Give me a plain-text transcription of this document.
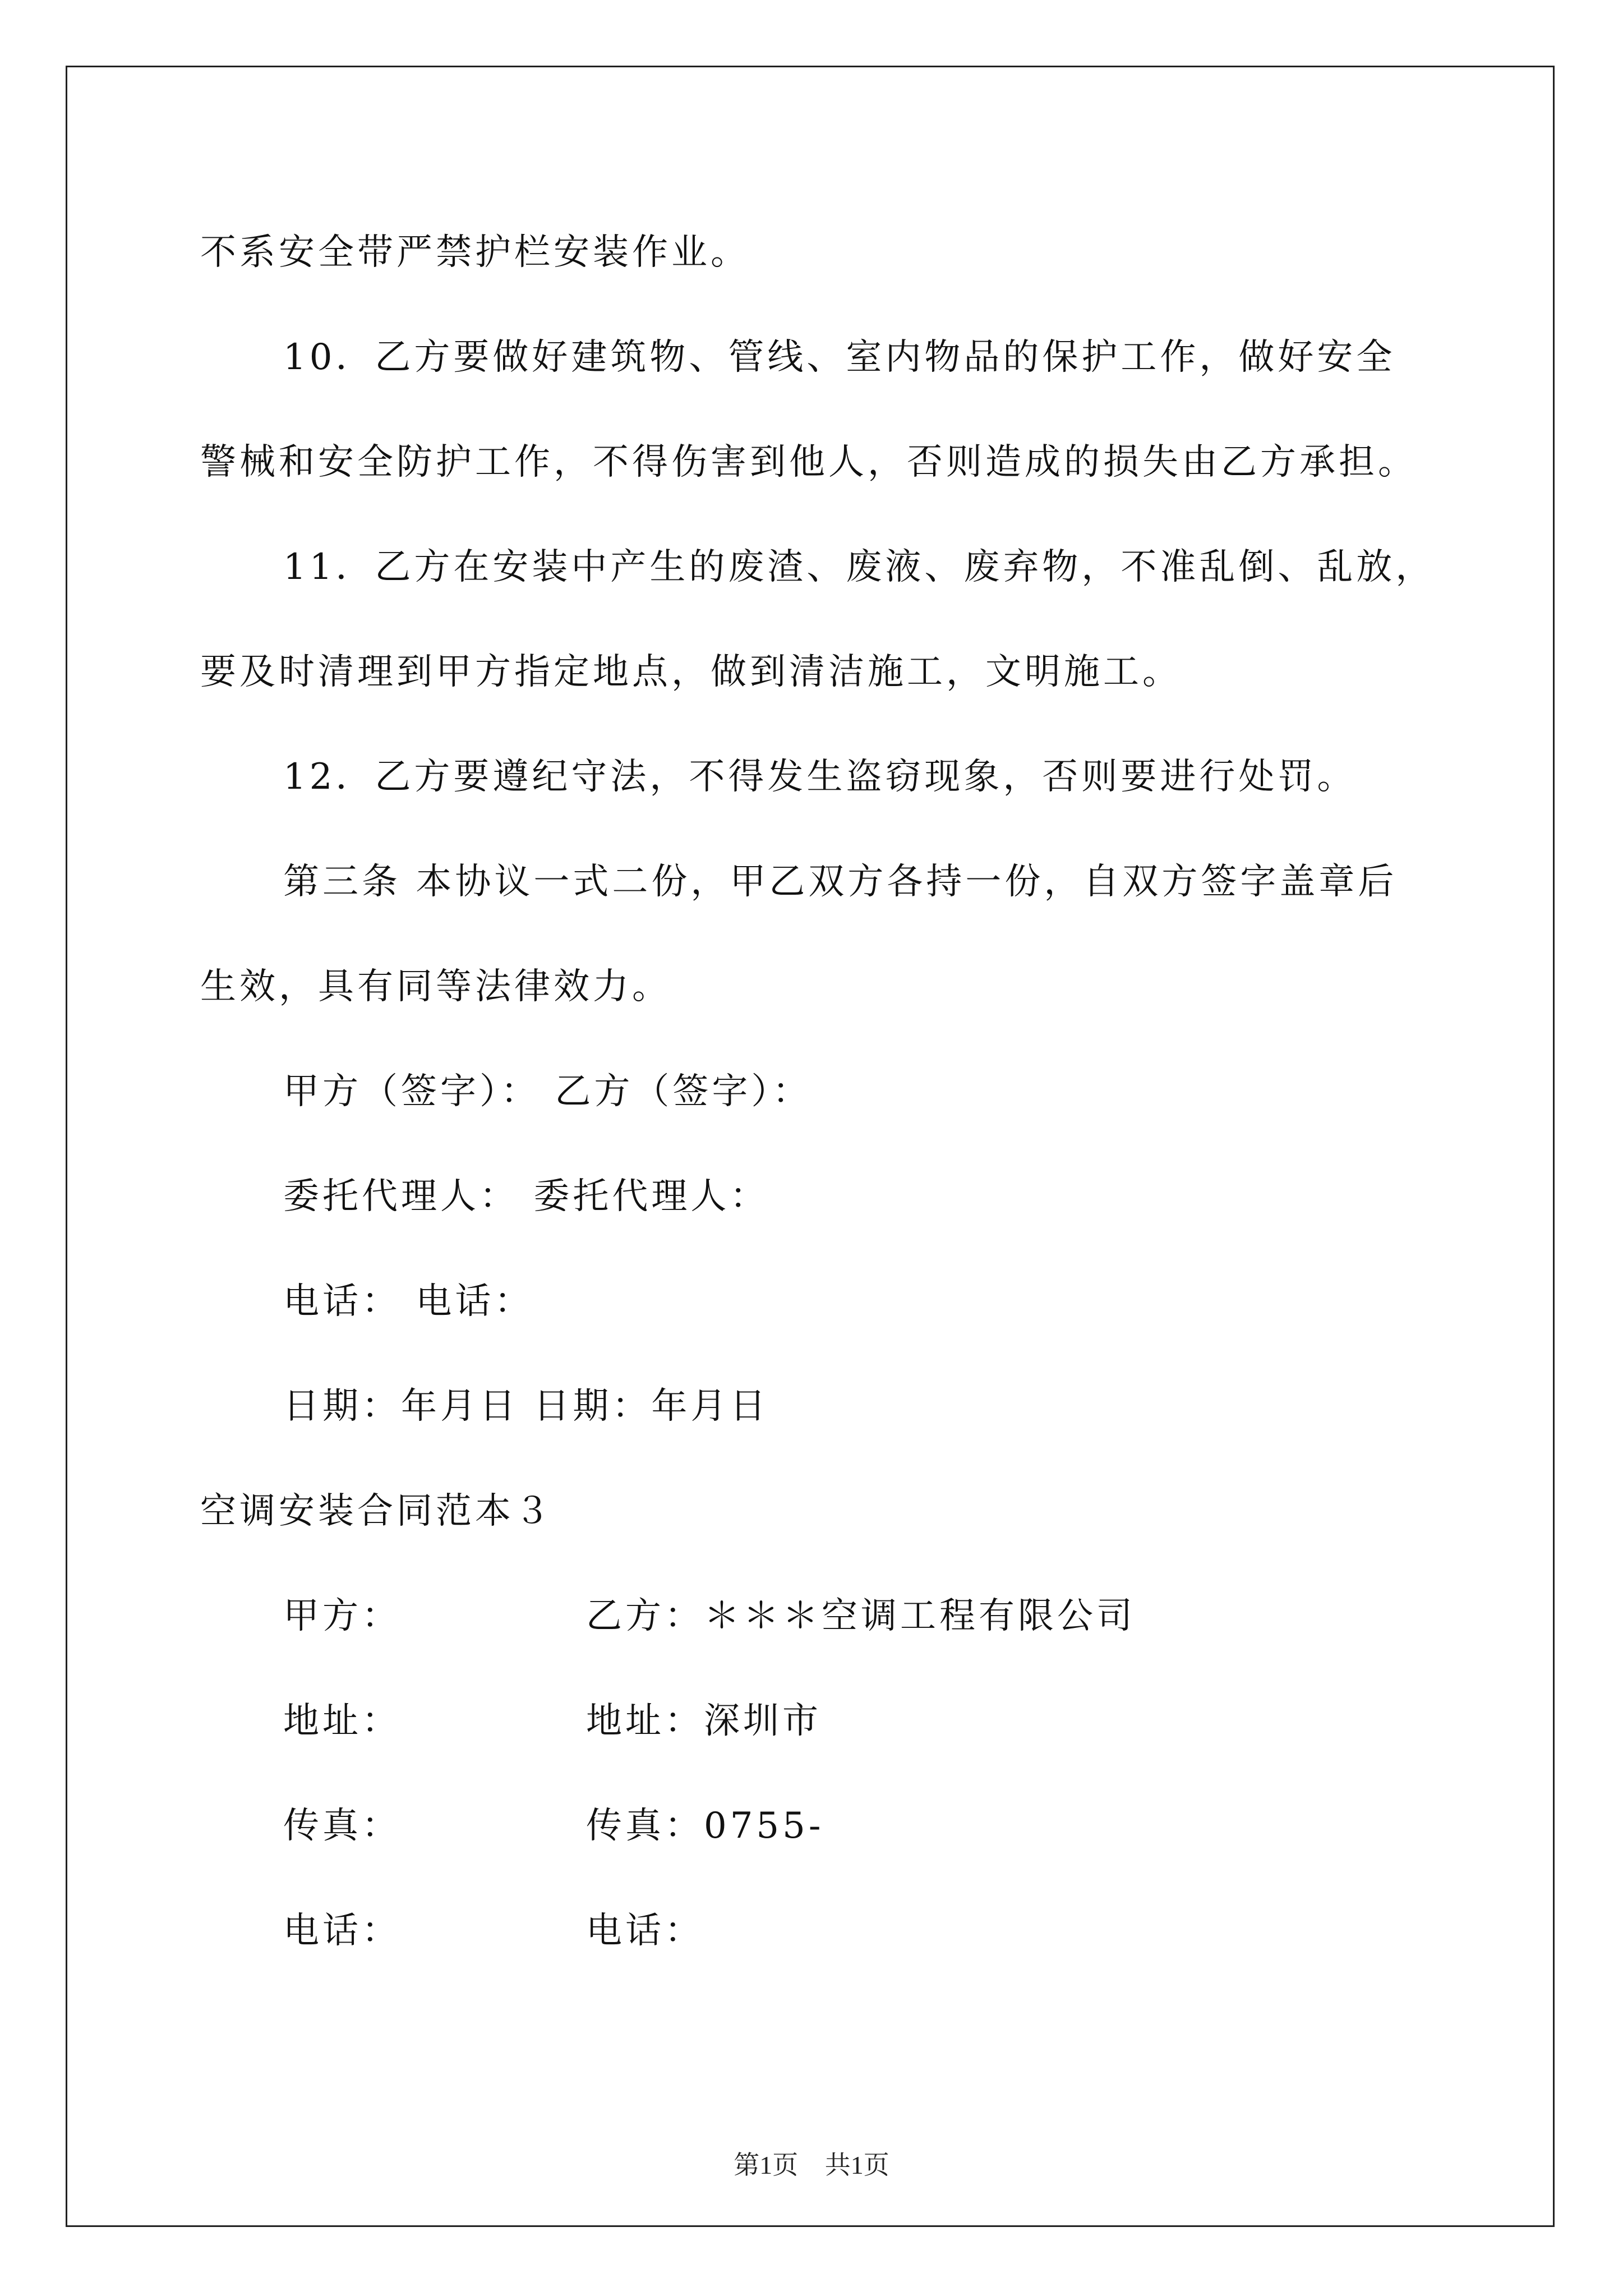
不系安全带严禁护栏安装作业。
10．乙方要做好建筑物、管线、室内物品的保护工作，做好安全
警械和安全防护工作，不得伤害到他人，否则造成的损失由乙方承担。
11．乙方在安装中产生的废渣、废液、废弃物，不准乱倒、乱放，
要及时清理到甲方指定地点，做到清洁施工，文明施工。
12．乙方要遵纪守法，不得发生盗窃现象，否则要进行处罚。
第三条 本协议一式二份，甲乙双方各持一份，自双方签字盖章后
生效，具有同等法律效力。
甲方（签字）： 乙方（签字）：
委托代理人： 委托代理人：
电话： 电话：
日期：年月日 日期：年月日
空调安装合同范本３
甲方：	乙方：＊＊＊空调工程有限公司
地址：	地址：深圳市
传真：	传真：0755-
电话：	电话：
第1页 共1页
